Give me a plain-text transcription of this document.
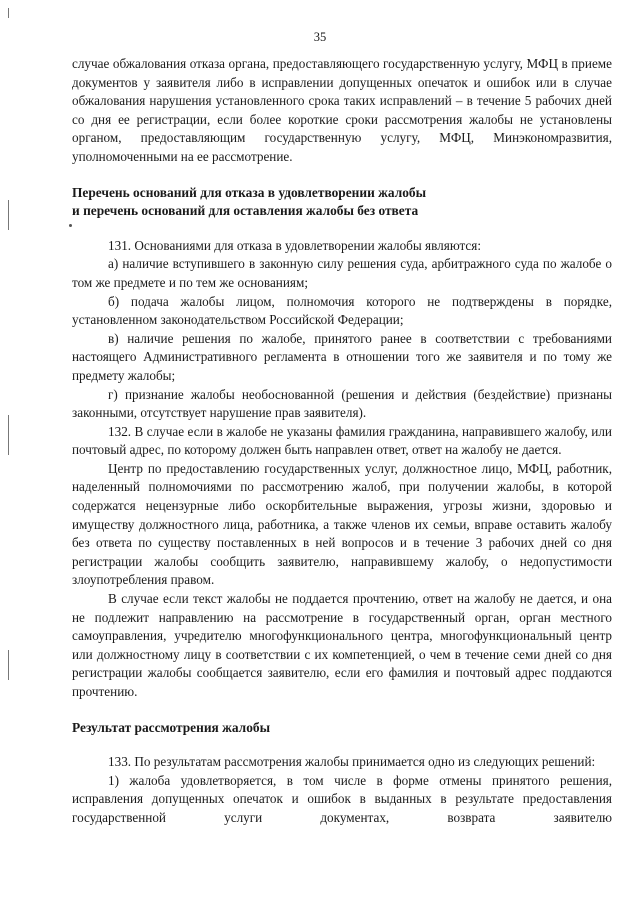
35

случае обжалования отказа органа, предоставляющего государственную услугу, МФЦ в приеме документов у заявителя либо в исправлении допущенных опечаток и ошибок или в случае обжалования нарушения установленного срока таких исправлений – в течение 5 рабочих дней со дня ее регистрации, если более короткие сроки рассмотрения жалобы не установлены органом, предоставляющим государственную услугу, МФЦ, Минэкономразвития, уполномоченными на ее рассмотрение.

Перечень оснований для отказа в удовлетворении жалобы

и перечень оснований для оставления жалобы без ответа

131. Основаниями для отказа в удовлетворении жалобы являются:

а) наличие вступившего в законную силу решения суда, арбитражного суда по жалобе о том же предмете и по тем же основаниям;

б) подача жалобы лицом, полномочия которого не подтверждены в порядке, установленном законодательством Российской Федерации;

в) наличие решения по жалобе, принятого ранее в соответствии с требованиями настоящего Административного регламента в отношении того же заявителя и по тому же предмету жалобы;

г) признание жалобы необоснованной (решения и действия (бездействие) признаны законными, отсутствует нарушение прав заявителя).

132. В случае если в жалобе не указаны фамилия гражданина, направившего жалобу, или почтовый адрес, по которому должен быть направлен ответ, ответ на жалобу не дается.

Центр по предоставлению государственных услуг, должностное лицо, МФЦ, работник, наделенный полномочиями по рассмотрению жалоб, при получении жалобы, в которой содержатся нецензурные либо оскорбительные выражения, угрозы жизни, здоровью и имуществу должностного лица, работника, а также членов их семьи, вправе оставить жалобу без ответа по существу поставленных в ней вопросов и в течение 3 рабочих дней со дня регистрации жалобы сообщить заявителю, направившему жалобу, о недопустимости злоупотребления правом.

В случае если текст жалобы не поддается прочтению, ответ на жалобу не дается, и она не подлежит направлению на рассмотрение в государственный орган, орган местного самоуправления, учредителю многофункционального центра, многофункциональный центр или должностному лицу в соответствии с их компетенцией, о чем в течение семи дней со дня регистрации жалобы сообщается заявителю, если его фамилия и почтовый адрес поддаются прочтению.

Результат рассмотрения жалобы

133. По результатам рассмотрения жалобы принимается одно из следующих решений:

1) жалоба удовлетворяется, в том числе в форме отмены принятого решения, исправления допущенных опечаток и ошибок в выданных в результате предоставления государственной услуги документах, возврата заявителю
